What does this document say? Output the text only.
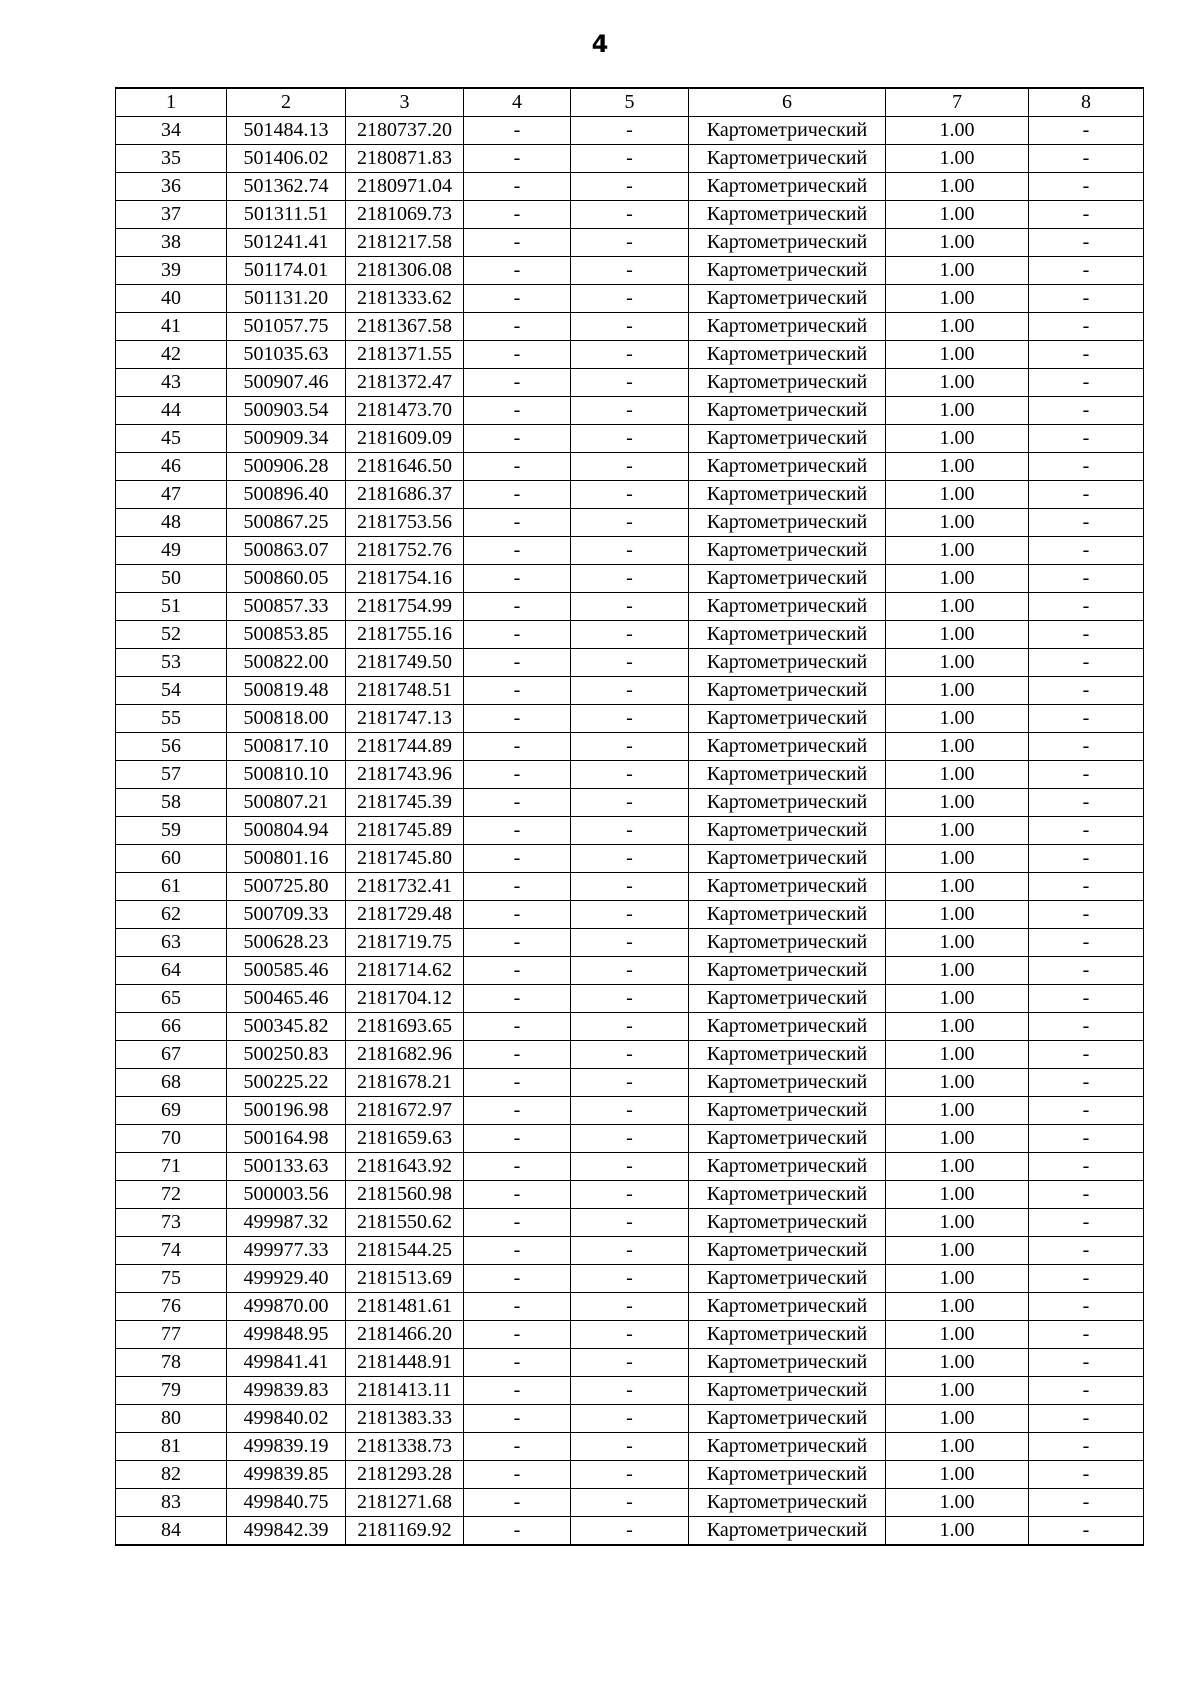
4
1	2	3	4	5	6	7	8
34	501484.13	2180737.20	-	-	Картометрический	1.00	-
35	501406.02	2180871.83	-	-	Картометрический	1.00	-
36	501362.74	2180971.04	-	-	Картометрический	1.00	-
37	501311.51	2181069.73	-	-	Картометрический	1.00	-
38	501241.41	2181217.58	-	-	Картометрический	1.00	-
39	501174.01	2181306.08	-	-	Картометрический	1.00	-
40	501131.20	2181333.62	-	-	Картометрический	1.00	-
41	501057.75	2181367.58	-	-	Картометрический	1.00	-
42	501035.63	2181371.55	-	-	Картометрический	1.00	-
43	500907.46	2181372.47	-	-	Картометрический	1.00	-
44	500903.54	2181473.70	-	-	Картометрический	1.00	-
45	500909.34	2181609.09	-	-	Картометрический	1.00	-
46	500906.28	2181646.50	-	-	Картометрический	1.00	-
47	500896.40	2181686.37	-	-	Картометрический	1.00	-
48	500867.25	2181753.56	-	-	Картометрический	1.00	-
49	500863.07	2181752.76	-	-	Картометрический	1.00	-
50	500860.05	2181754.16	-	-	Картометрический	1.00	-
51	500857.33	2181754.99	-	-	Картометрический	1.00	-
52	500853.85	2181755.16	-	-	Картометрический	1.00	-
53	500822.00	2181749.50	-	-	Картометрический	1.00	-
54	500819.48	2181748.51	-	-	Картометрический	1.00	-
55	500818.00	2181747.13	-	-	Картометрический	1.00	-
56	500817.10	2181744.89	-	-	Картометрический	1.00	-
57	500810.10	2181743.96	-	-	Картометрический	1.00	-
58	500807.21	2181745.39	-	-	Картометрический	1.00	-
59	500804.94	2181745.89	-	-	Картометрический	1.00	-
60	500801.16	2181745.80	-	-	Картометрический	1.00	-
61	500725.80	2181732.41	-	-	Картометрический	1.00	-
62	500709.33	2181729.48	-	-	Картометрический	1.00	-
63	500628.23	2181719.75	-	-	Картометрический	1.00	-
64	500585.46	2181714.62	-	-	Картометрический	1.00	-
65	500465.46	2181704.12	-	-	Картометрический	1.00	-
66	500345.82	2181693.65	-	-	Картометрический	1.00	-
67	500250.83	2181682.96	-	-	Картометрический	1.00	-
68	500225.22	2181678.21	-	-	Картометрический	1.00	-
69	500196.98	2181672.97	-	-	Картометрический	1.00	-
70	500164.98	2181659.63	-	-	Картометрический	1.00	-
71	500133.63	2181643.92	-	-	Картометрический	1.00	-
72	500003.56	2181560.98	-	-	Картометрический	1.00	-
73	499987.32	2181550.62	-	-	Картометрический	1.00	-
74	499977.33	2181544.25	-	-	Картометрический	1.00	-
75	499929.40	2181513.69	-	-	Картометрический	1.00	-
76	499870.00	2181481.61	-	-	Картометрический	1.00	-
77	499848.95	2181466.20	-	-	Картометрический	1.00	-
78	499841.41	2181448.91	-	-	Картометрический	1.00	-
79	499839.83	2181413.11	-	-	Картометрический	1.00	-
80	499840.02	2181383.33	-	-	Картометрический	1.00	-
81	499839.19	2181338.73	-	-	Картометрический	1.00	-
82	499839.85	2181293.28	-	-	Картометрический	1.00	-
83	499840.75	2181271.68	-	-	Картометрический	1.00	-
84	499842.39	2181169.92	-	-	Картометрический	1.00	-
